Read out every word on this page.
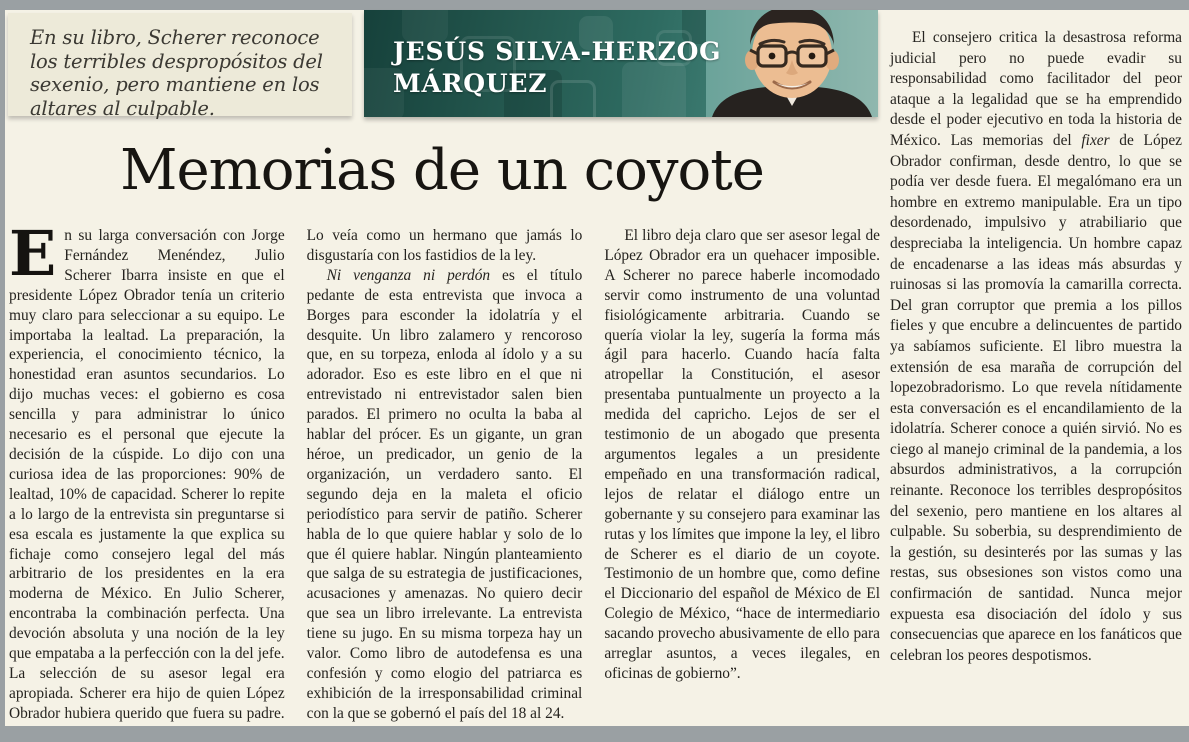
En su libro, Scherer reconoce los terribles despropósitos del sexenio, pero mantiene en los altares al culpable.

JESÚS SILVA-HERZOG
MÁRQUEZ
Memorias de un coyote

En su larga conversación con Jorge Fernández Menéndez, Julio Scherer Ibarra insiste en que el presidente López Obrador tenía un criterio muy claro para seleccionar a su equipo. Le importaba la lealtad. La preparación, la experiencia, el conocimiento técnico, la honestidad eran asuntos secundarios. Lo dijo muchas veces: el gobierno es cosa sencilla y para administrar lo único necesario es el personal que ejecute la decisión de la cúspide. Lo dijo con una curiosa idea de las proporciones: 90% de lealtad, 10% de capacidad. Scherer lo repite a lo largo de la entrevista sin preguntarse si esa escala es justamente la que explica su fichaje como consejero legal del más arbitrario de los presidentes en la era moderna de México. En Julio Scherer, encontraba la combinación perfecta. Una devoción absoluta y una noción de la ley que empataba a la perfección con la del jefe. La selección de su asesor legal era apropiada. Scherer era hijo de quien López Obrador hubiera querido que fuera su padre. Lo veía como un hermano que jamás lo disgustaría con los fastidios de la ley.

Ni venganza ni perdón es el título pedante de esta entrevista que invoca a Borges para esconder la idolatría y el desquite. Un libro zalamero y rencoroso que, en su torpeza, enloda al ídolo y a su adorador. Eso es este libro en el que ni entrevistado ni entrevistador salen bien parados. El primero no oculta la baba al hablar del prócer. Es un gigante, un gran héroe, un predicador, un genio de la organización, un verdadero santo. El segundo deja en la maleta el oficio periodístico para servir de patiño. Scherer habla de lo que quiere hablar y solo de lo que él quiere hablar. Ningún planteamiento que salga de su estrategia de justificaciones, acusaciones y amenazas. No quiero decir que sea un libro irrelevante. La entrevista tiene su jugo. En su misma torpeza hay un valor. Como libro de autodefensa es una confesión y como elogio del patriarca es exhibición de la irresponsabilidad criminal con la que se gobernó el país del 18 al 24.

El libro deja claro que ser asesor legal de López Obrador era un quehacer imposible. A Scherer no parece haberle incomodado servir como instrumento de una voluntad fisiológicamente arbitraria. Cuando se quería violar la ley, sugería la forma más ágil para hacerlo. Cuando hacía falta atropellar la Constitución, el asesor presentaba puntualmente un proyecto a la medida del capricho. Lejos de ser el testimonio de un abogado que presenta argumentos legales a un presidente empeñado en una transformación radical, lejos de relatar el diálogo entre un gobernante y su consejero para examinar las rutas y los límites que impone la ley, el libro de Scherer es el diario de un coyote. Testimonio de un hombre que, como define el Diccionario del español de México de El Colegio de México, “hace de intermediario sacando provecho abusivamente de ello para arreglar asuntos, a veces ilegales, en oficinas de gobierno”.

El consejero critica la desastrosa reforma judicial pero no puede evadir su responsabilidad como facilitador del peor ataque a la legalidad que se ha emprendido desde el poder ejecutivo en toda la historia de México. Las memorias del fixer de López Obrador confirman, desde dentro, lo que se podía ver desde fuera. El megalómano era un hombre en extremo manipulable. Era un tipo desordenado, impulsivo y atrabiliario que despreciaba la inteligencia. Un hombre capaz de encadenarse a las ideas más absurdas y ruinosas si las promovía la camarilla correcta. Del gran corruptor que premia a los pillos fieles y que encubre a delincuentes de partido ya sabíamos suficiente. El libro muestra la extensión de esa maraña de corrupción del lopezobradorismo. Lo que revela nítidamente esta conversación es el encandilamiento de la idolatría. Scherer conoce a quién sirvió. No es ciego al manejo criminal de la pandemia, a los absurdos administrativos, a la corrupción reinante. Reconoce los terribles despropósitos del sexenio, pero mantiene en los altares al culpable. Su soberbia, su desprendimiento de la gestión, su desinterés por las sumas y las restas, sus obsesiones son vistos como una confirmación de santidad. Nunca mejor expuesta esa disociación del ídolo y sus consecuencias que aparece en los fanáticos que celebran los peores despotismos.
